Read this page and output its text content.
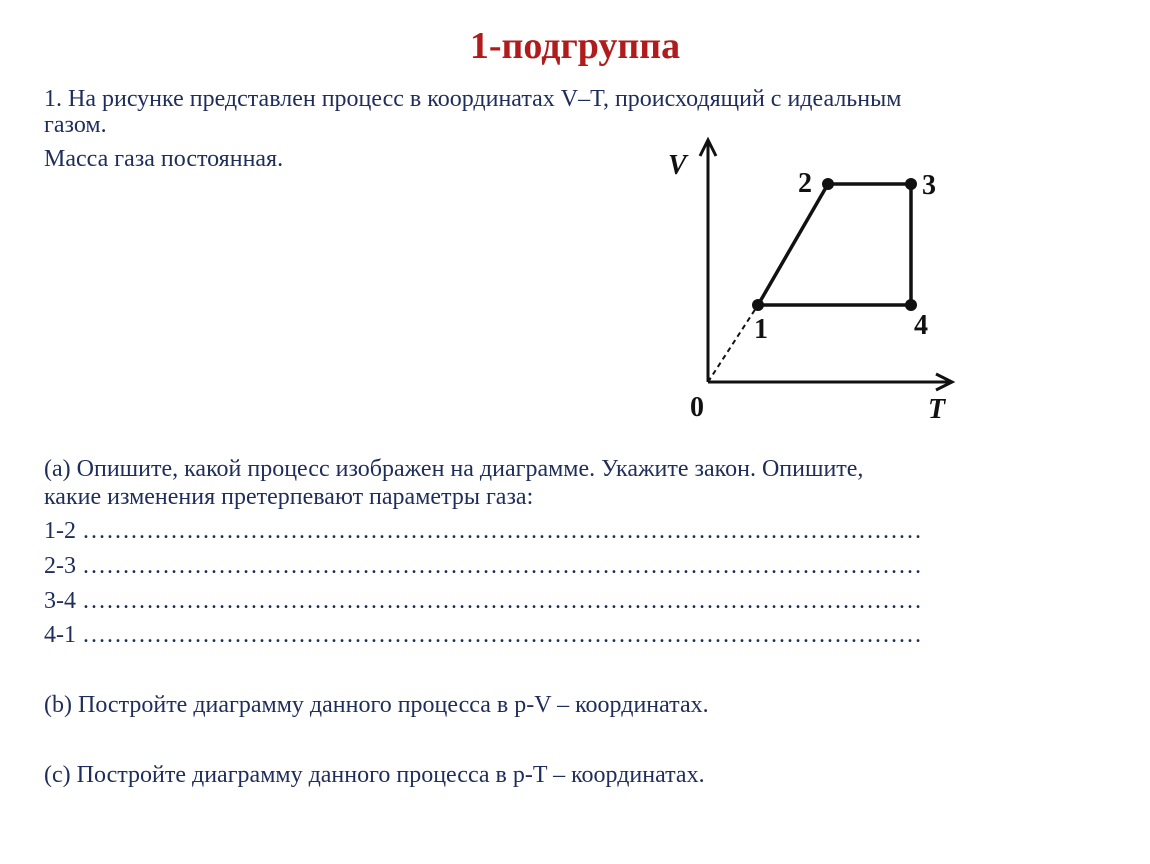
1-подгруппа
1. На рисунке представлен процесс в координатах V–T, происходящий с идеальным
газом.
Масса газа постоянная.	V
T
0
1
2	3
4
(а) Опишите, какой процесс изображен на диаграмме. Укажите закон. Опишите,
какие изменения претерпевают параметры газа:
1-2 ……………………………………………………………………………………………
2-3 ……………………………………………………………………………………………
3-4 ……………………………………………………………………………………………
4-1 ……………………………………………………………………………………………
(b) Постройте диаграмму данного процесса в p-V – координатах.
(c) Постройте диаграмму данного процесса в p-T – координатах.
